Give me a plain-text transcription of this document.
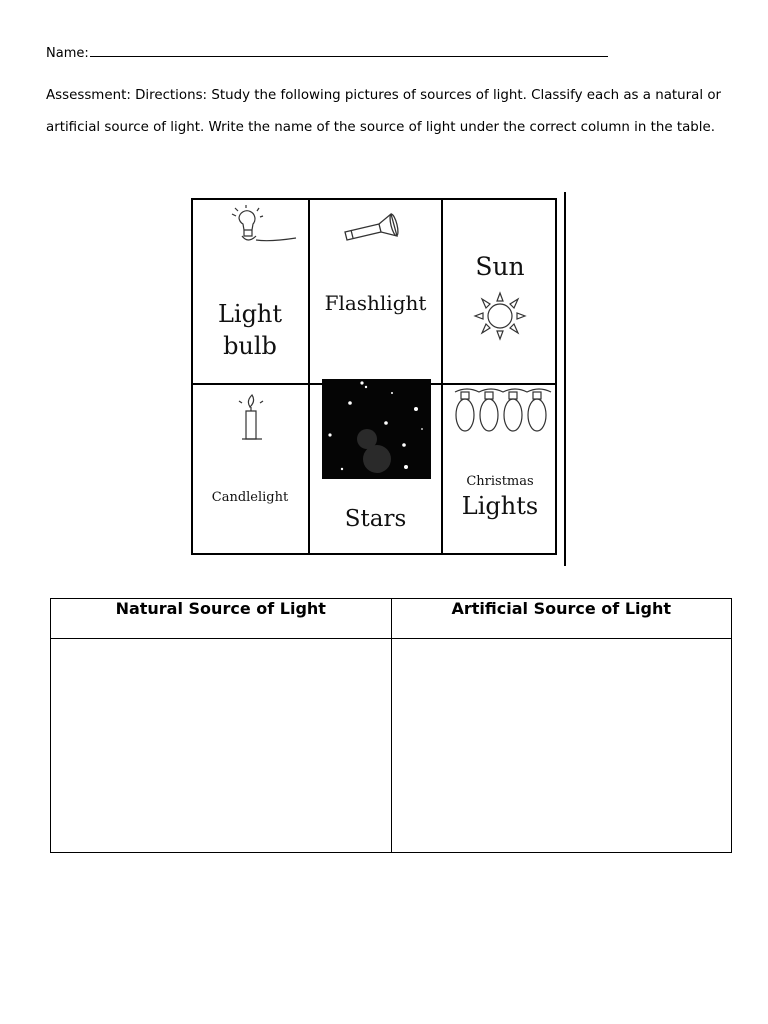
Name:
Assessment: Directions: Study the following pictures of sources of light. Classify each as a natural or artificial source of light. Write the name of the source of light under the correct column in the table.
Light
bulb
Flashlight
Sun
Candlelight
Stars
Christmas
Lights
Natural Source of Light	Artificial Source of Light
